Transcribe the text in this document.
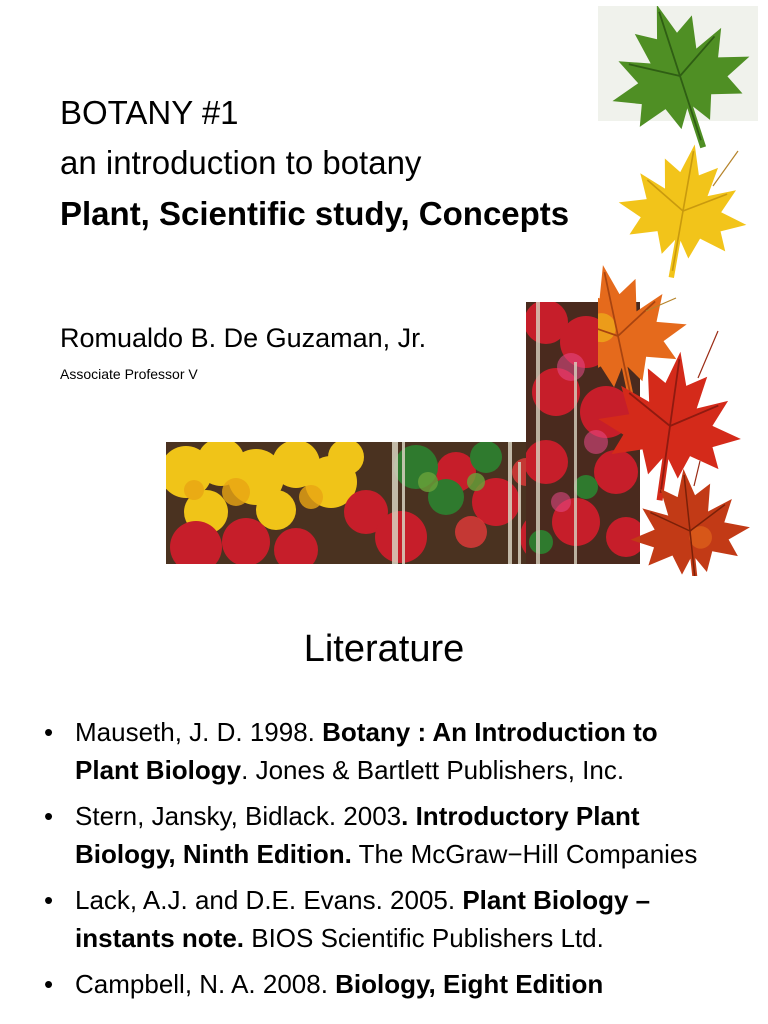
BOTANY #1
an introduction to botany
Plant, Scientific study, Concepts
Romualdo B. De Guzaman, Jr.
Associate Professor V
Literature
• Mauseth, J. D. 1998. Botany : An Introduction to Plant Biology. Jones & Bartlett Publishers, Inc.
• Stern, Jansky, Bidlack. 2003. Introductory Plant Biology, Ninth Edition. The McGraw−Hill Companies
• Lack, A.J. and D.E. Evans. 2005. Plant Biology – instants note. BIOS Scientific Publishers Ltd.
• Campbell, N. A. 2008. Biology, Eight Edition
